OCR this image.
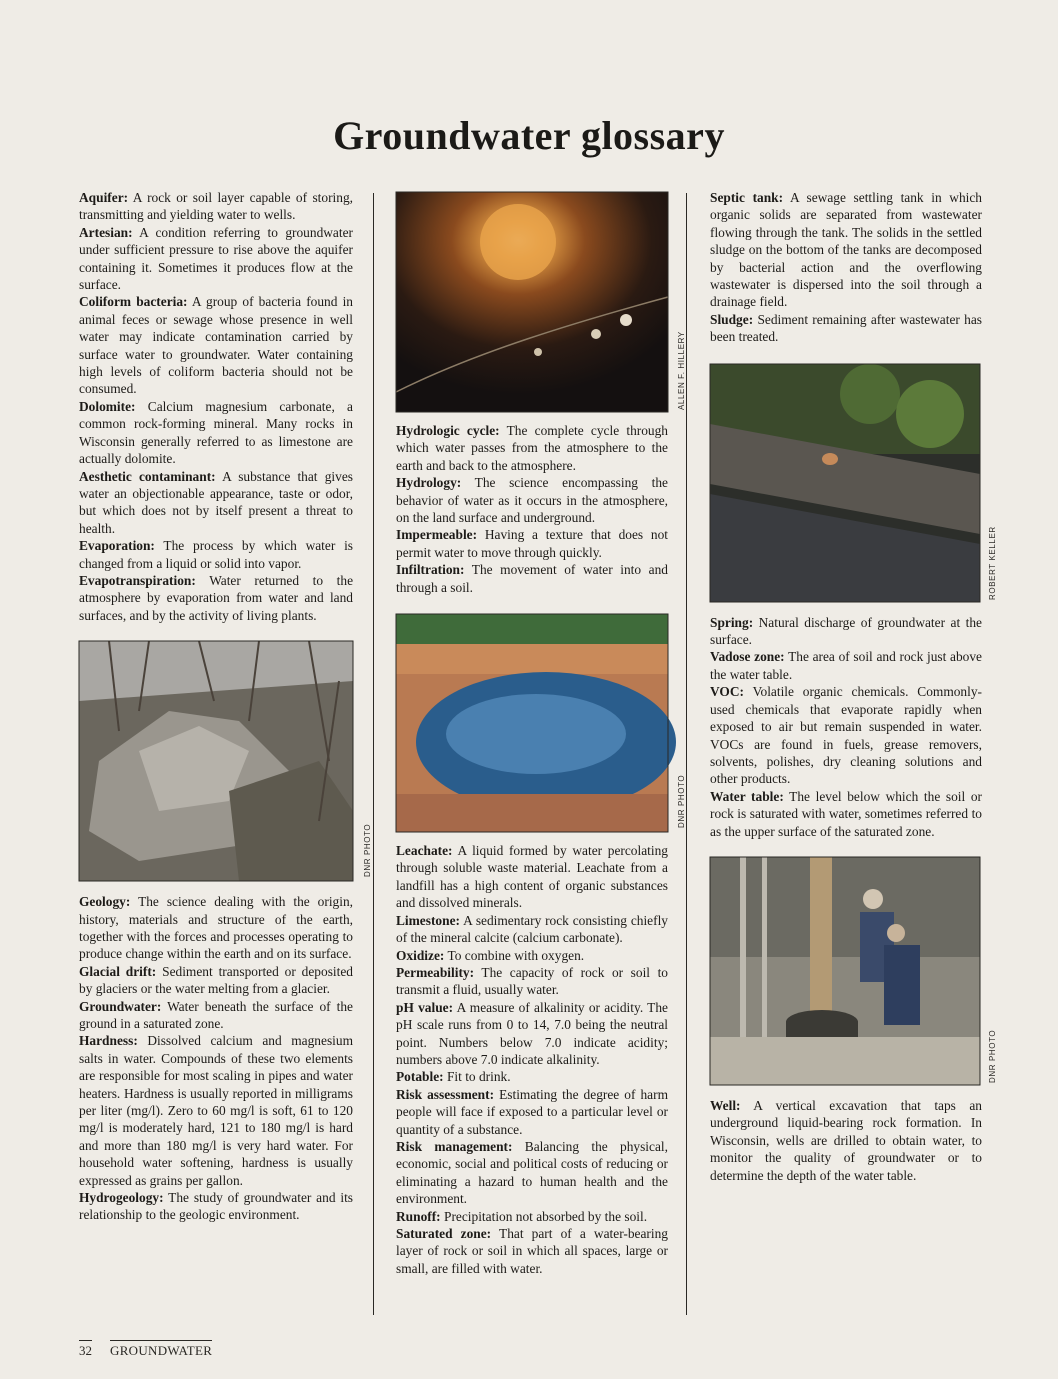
Groundwater glossary

Aquifer: A rock or soil layer capable of storing, transmitting and yielding water to wells.

Artesian: A condition referring to groundwater under sufficient pressure to rise above the aquifer containing it. Sometimes it produces flow at the surface.

Coliform bacteria: A group of bacteria found in animal feces or sewage whose presence in well water may indicate contamination carried by surface water to groundwater. Water containing high levels of coliform bacteria should not be consumed.

Dolomite: Calcium magnesium carbonate, a common rock-forming mineral. Many rocks in Wisconsin generally referred to as limestone are actually dolomite.

Aesthetic contaminant: A substance that gives water an objectionable appearance, taste or odor, but which does not by itself present a threat to health.

Evaporation: The process by which water is changed from a liquid or solid into vapor.

Evapotranspiration: Water returned to the atmosphere by evaporation from water and land surfaces, and by the activity of living plants.

DNR PHOTO

Geology: The science dealing with the origin, history, materials and structure of the earth, together with the forces and processes operating to produce change within the earth and on its surface.

Glacial drift: Sediment transported or deposited by glaciers or the water melting from a glacier.

Groundwater: Water beneath the surface of the ground in a saturated zone.

Hardness: Dissolved calcium and magnesium salts in water. Compounds of these two elements are responsible for most scaling in pipes and water heaters. Hardness is usually reported in milligrams per liter (mg/l). Zero to 60 mg/l is soft, 61 to 120 mg/l is moderately hard, 121 to 180 mg/l is hard and more than 180 mg/l is very hard water. For household water softening, hardness is usually expressed as grains per gallon.

Hydrogeology: The study of groundwater and its relationship to the geologic environment.

ALLEN F. HILLERY

Hydrologic cycle: The complete cycle through which water passes from the atmosphere to the earth and back to the atmosphere.

Hydrology: The science encompassing the behavior of water as it occurs in the atmosphere, on the land surface and underground.

Impermeable: Having a texture that does not permit water to move through quickly.

Infiltration: The movement of water into and through a soil.

DNR PHOTO

Leachate: A liquid formed by water percolating through soluble waste material. Leachate from a landfill has a high content of organic substances and dissolved minerals.

Limestone: A sedimentary rock consisting chiefly of the mineral calcite (calcium carbonate).

Oxidize: To combine with oxygen.

Permeability: The capacity of rock or soil to transmit a fluid, usually water.

pH value: A measure of alkalinity or acidity. The pH scale runs from 0 to 14, 7.0 being the neutral point. Numbers below 7.0 indicate acidity; numbers above 7.0 indicate alkalinity.

Potable: Fit to drink.

Risk assessment: Estimating the degree of harm people will face if exposed to a particular level or quantity of a substance.

Risk management: Balancing the physical, economic, social and political costs of reducing or eliminating a hazard to human health and the environment.

Runoff: Precipitation not absorbed by the soil.

Saturated zone: That part of a water-bearing layer of rock or soil in which all spaces, large or small, are filled with water.

Septic tank: A sewage settling tank in which organic solids are separated from wastewater flowing through the tank. The solids in the settled sludge on the bottom of the tanks are decomposed by bacterial action and the overflowing wastewater is dispersed into the soil through a drainage field.

Sludge: Sediment remaining after wastewater has been treated.

ROBERT KELLER

Spring: Natural discharge of groundwater at the surface.

Vadose zone: The area of soil and rock just above the water table.

VOC: Volatile organic chemicals. Commonly-used chemicals that evaporate rapidly when exposed to air but remain suspended in water. VOCs are found in fuels, grease removers, solvents, polishes, dry cleaning solutions and other products.

Water table: The level below which the soil or rock is saturated with water, sometimes referred to as the upper surface of the saturated zone.

DNR PHOTO

Well: A vertical excavation that taps an underground liquid-bearing rock formation. In Wisconsin, wells are drilled to obtain water, to monitor the quality of groundwater or to determine the depth of the water table.

32 GROUNDWATER
